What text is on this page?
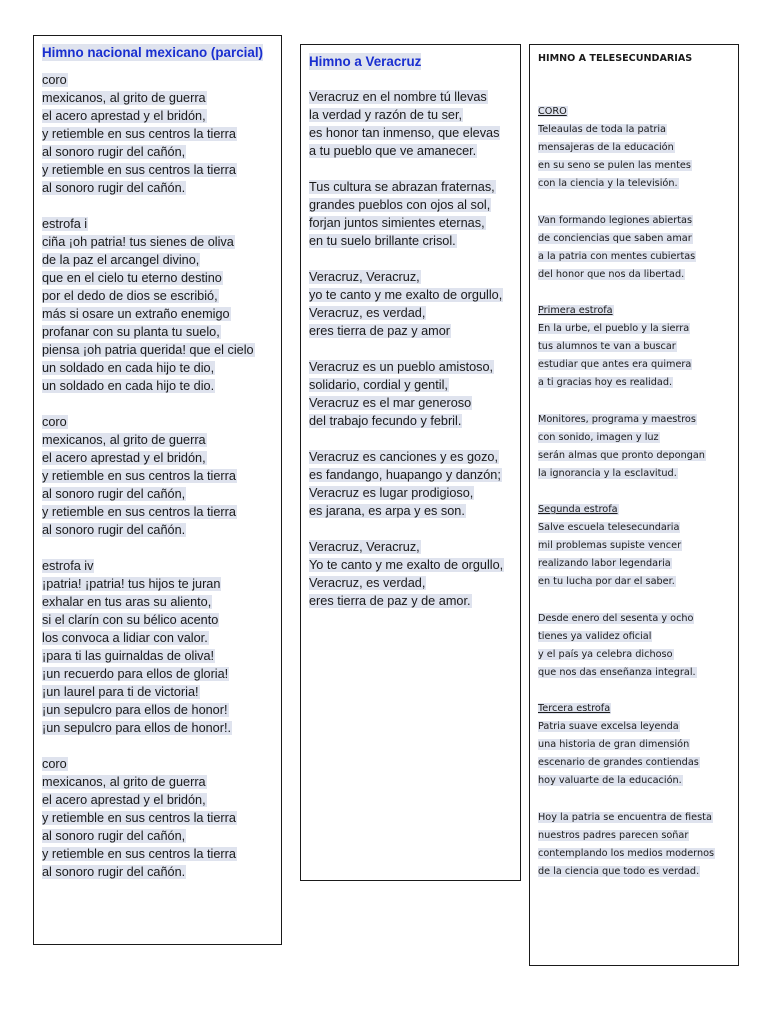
Himno nacional mexicano (parcial)
coro
mexicanos, al grito de guerra
el acero aprestad y el bridón,
y retiemble en sus centros la tierra
al sonoro rugir del cañón,
y retiemble en sus centros la tierra
al sonoro rugir del cañón.
estrofa i
ciña ¡oh patria! tus sienes de oliva
de la paz el arcangel divino,
que en el cielo tu eterno destino
por el dedo de dios se escribió,
más si osare un extraño enemigo
profanar con su planta tu suelo,
piensa ¡oh patria querida! que el cielo
un soldado en cada hijo te dio,
un soldado en cada hijo te dio.
coro
mexicanos, al grito de guerra
el acero aprestad y el bridón,
y retiemble en sus centros la tierra
al sonoro rugir del cañón,
y retiemble en sus centros la tierra
al sonoro rugir del cañón.
estrofa iv
¡patria! ¡patria! tus hijos te juran
exhalar en tus aras su aliento,
si el clarín con su bélico acento
los convoca a lidiar con valor.
¡para ti las guirnaldas de oliva!
¡un recuerdo para ellos de gloria!
¡un laurel para ti de victoria!
¡un sepulcro para ellos de honor!
¡un sepulcro para ellos de honor!.
coro
mexicanos, al grito de guerra
el acero aprestad y el bridón,
y retiemble en sus centros la tierra
al sonoro rugir del cañón,
y retiemble en sus centros la tierra
al sonoro rugir del cañón.
Himno a Veracruz
Veracruz en el nombre tú llevas
la verdad y razón de tu ser,
es honor tan inmenso, que elevas
a tu pueblo que ve amanecer.
Tus cultura se abrazan fraternas,
grandes pueblos con ojos al sol,
forjan juntos simientes eternas,
en tu suelo brillante crisol.
Veracruz, Veracruz,
yo te canto y me exalto de orgullo,
Veracruz, es verdad,
eres tierra de paz y amor
Veracruz es un pueblo amistoso,
solidario, cordial y gentil,
Veracruz es el mar generoso
del trabajo fecundo y febril.
Veracruz es canciones y es gozo,
es fandango, huapango y danzón;
Veracruz es lugar prodigioso,
es jarana, es arpa y es son.
Veracruz, Veracruz,
Yo te canto y me exalto de orgullo,
Veracruz, es verdad,
eres tierra de paz y de amor.
HIMNO A TELESECUNDARIAS
CORO
Teleaulas de toda la patria
mensajeras de la educación
en su seno se pulen las mentes
con la ciencia y la televisión.
Van formando legiones abiertas
de conciencias que saben amar
a la patria con mentes cubiertas
del honor que nos da libertad.
Primera estrofa
En la urbe, el pueblo y la sierra
tus alumnos te van a buscar
estudiar que antes era quimera
a ti gracias hoy es realidad.
Monitores, programa y maestros
con sonido, imagen y luz
serán almas que pronto depongan
la ignorancia y la esclavitud.
Segunda estrofa
Salve escuela telesecundaria
mil problemas supiste vencer
realizando labor legendaria
en tu lucha por dar el saber.
Desde enero del sesenta y ocho
tienes ya validez oficial
y el país ya celebra dichoso
que nos das enseñanza integral.
Tercera estrofa
Patria suave excelsa leyenda
una historia de gran dimensión
escenario de grandes contiendas
hoy valuarte de la educación.
Hoy la patria se encuentra de fiesta
nuestros padres parecen soñar
contemplando los medios modernos
de la ciencia que todo es verdad.
